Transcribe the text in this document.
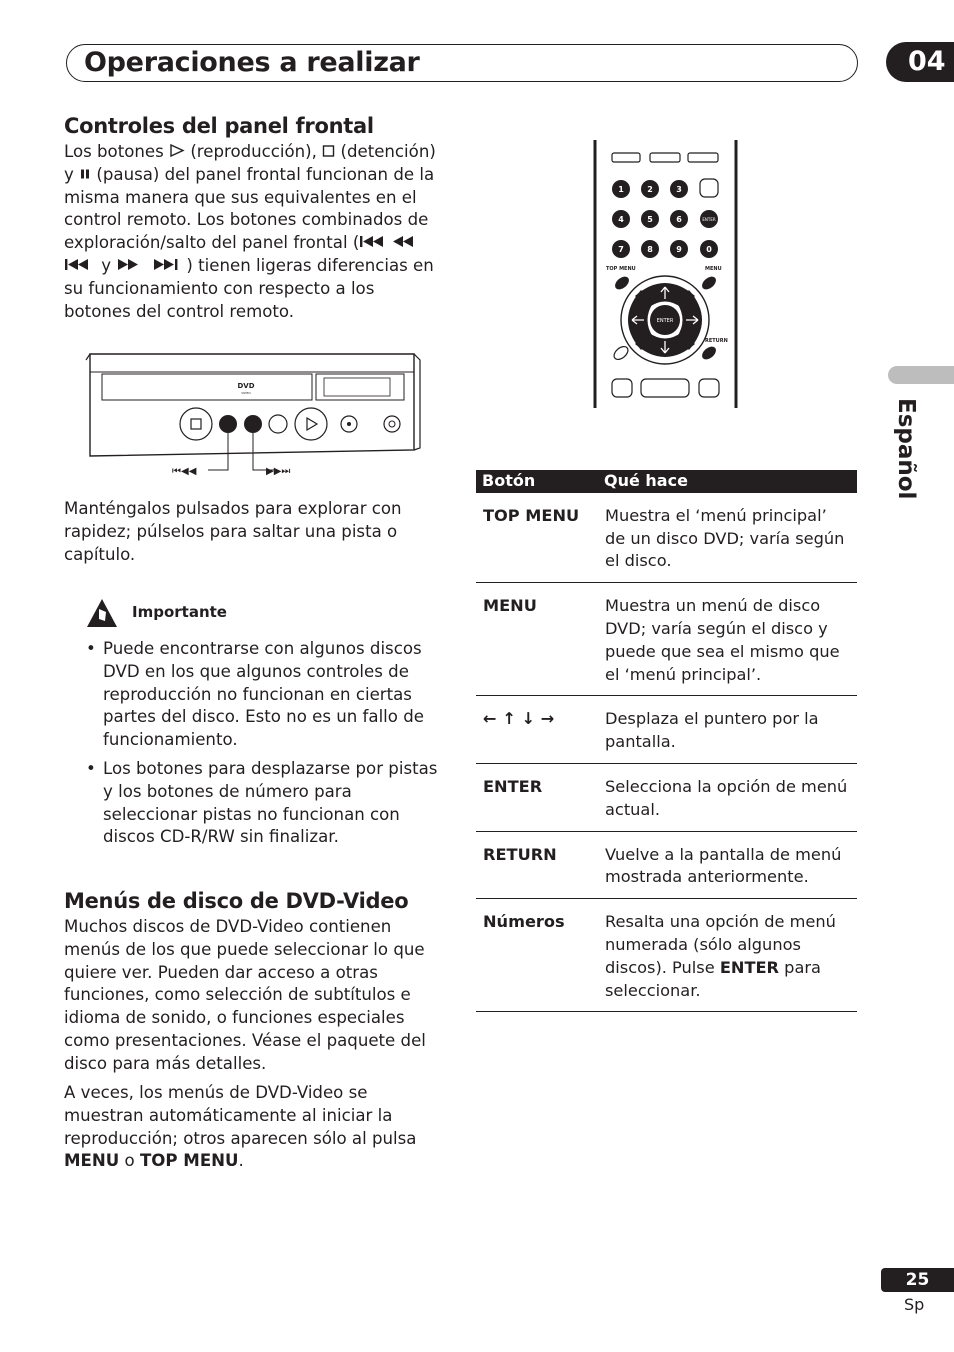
Operaciones a realizar	04
Español
Controles del panel frontal
Los botones (reproducción), (detención) y (pausa) del panel frontal funcionan de la misma manera que sus equivalentes en el control remoto. Los botones combinados de exploración/salto del panel frontal (  y	) tienen ligeras diferencias en su funcionamiento con respecto a los botones del control remoto.
DVD
VIDEO
⏮◀◀	▶▶⏭
Manténgalos pulsados para explorar con rapidez; púlselos para saltar una pista o capítulo.
Importante
• Puede encontrarse con algunos discos DVD en los que algunos controles de reproducción no funcionan en ciertas partes del disco. Esto no es un fallo de funcionamiento.
• Los botones para desplazarse por pistas y los botones de número para seleccionar pistas no funcionan con discos CD-R/RW sin finalizar.
Menús de disco de DVD-Video
Muchos discos de DVD-Video contienen menús de los que puede seleccionar lo que quiere ver. Pueden dar acceso a otras funciones, como selección de subtítulos e idioma de sonido, o funciones especiales como presentaciones. Véase el paquete del disco para más detalles.
A veces, los menús de DVD-Video se muestran automáticamente al iniciar la reproducción; otros aparecen sólo al pulsa MENU o TOP MENU.
1	2	3
4	5	6
7	8	9	0
ENTER
TOP MENU	MENU
ENTER
RETURN
Botón	Qué hace
TOP MENU	Muestra el ‘menú principal’ de un disco DVD; varía según el disco.
MENU	Muestra un menú de disco DVD; varía según el disco y puede que sea el mismo que el ‘menú principal’.
← ↑ ↓ →	Desplaza el puntero por la pantalla.
ENTER	Selecciona la opción de menú actual.
RETURN	Vuelve a la pantalla de menú mostrada anteriormente.
Números	Resalta una opción de menú numerada (sólo algunos discos). Pulse ENTER para seleccionar.
25
Sp
